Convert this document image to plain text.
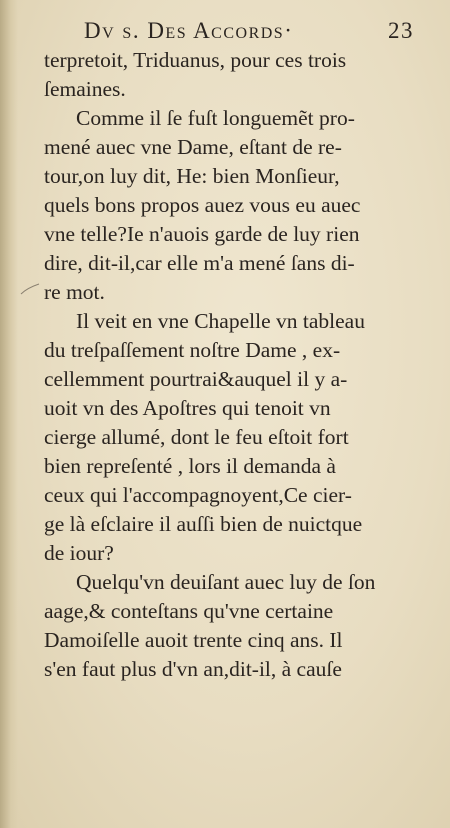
Dv s. Des Accords·	23
terpretoit, Triduanus, pour ces trois
ſemaines.
Comme il ſe fuſt longuemẽt pro-
mené auec vne Dame, eſtant de re-
tour,on luy dit, He: bien Monſieur,
quels bons propos auez vous eu auec
vne telle?Ie n'auois garde de luy rien
dire, dit-il,car elle m'a mené ſans di-
re mot.
Il veit en vne Chapelle vn tableau
du treſpaſſement noſtre Dame , ex-
cellemment pourtrai&auquel il y a-
uoit vn des Apoſtres qui tenoit vn
cierge allumé, dont le feu eſtoit fort
bien repreſenté , lors il demanda à
ceux qui l'accompagnoyent,Ce cier-
ge là eſclaire il auſſi bien de nuictque
de iour?
Quelqu'vn deuiſant auec luy de ſon
aage,& conteſtans qu'vne certaine
Damoiſelle auoit trente cinq ans. Il
s'en faut plus d'vn an,dit-il, à cauſe
